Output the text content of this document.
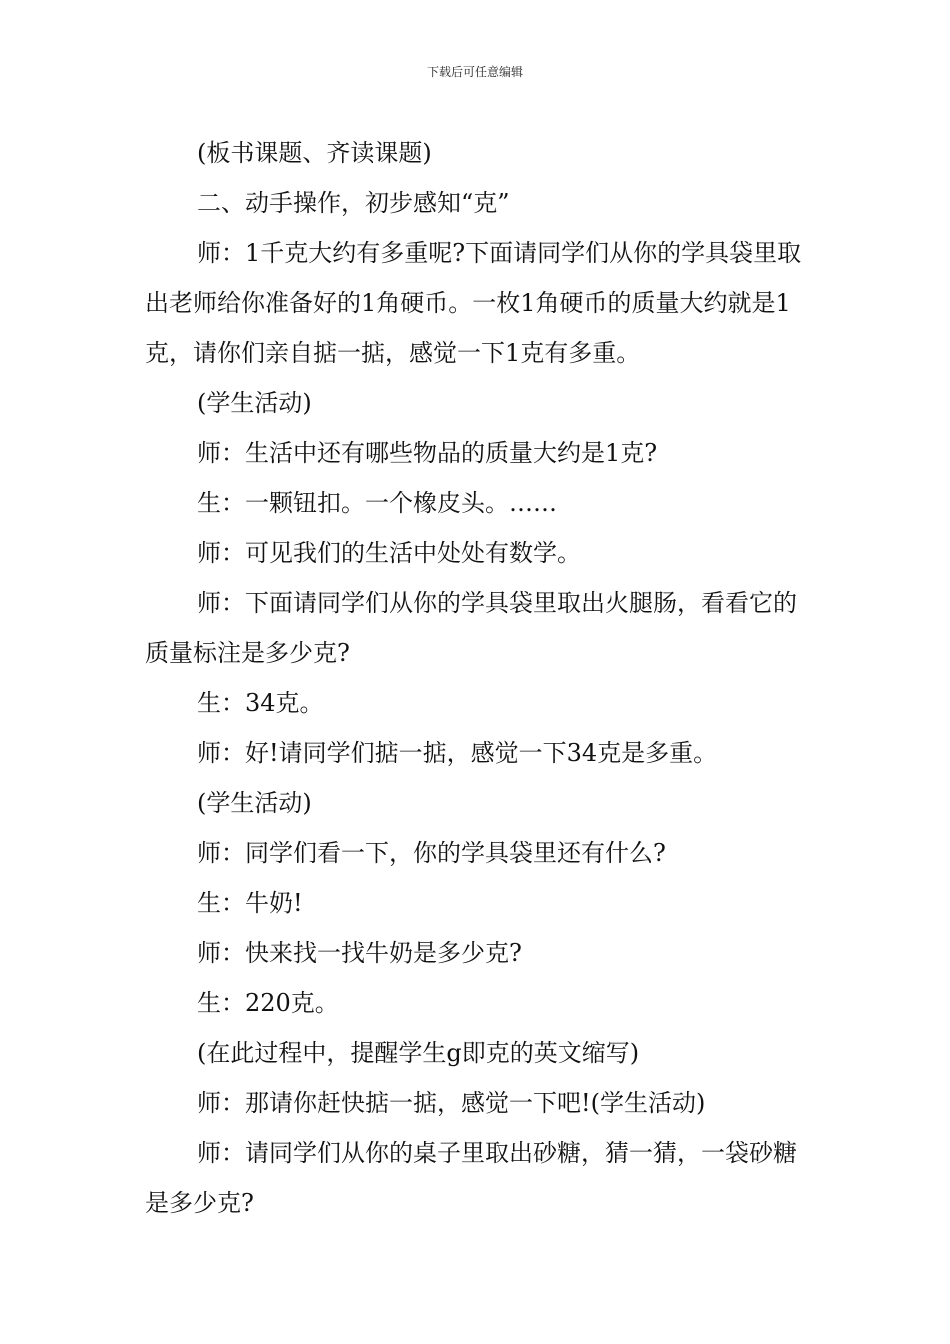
下载后可任意编辑

(板书课题、齐读课题)

二、动手操作，初步感知“克”

师：1千克大约有多重呢?下面请同学们从你的学具袋里取出老师给你准备好的1角硬币。一枚1角硬币的质量大约就是1克，请你们亲自掂一掂，感觉一下1克有多重。

(学生活动)

师：生活中还有哪些物品的质量大约是1克?

生：一颗钮扣。一个橡皮头。……

师：可见我们的生活中处处有数学。

师：下面请同学们从你的学具袋里取出火腿肠，看看它的质量标注是多少克?

生：34克。

师：好!请同学们掂一掂，感觉一下34克是多重。

(学生活动)

师：同学们看一下，你的学具袋里还有什么?

生：牛奶!

师：快来找一找牛奶是多少克?

生：220克。

(在此过程中，提醒学生g即克的英文缩写)

师：那请你赶快掂一掂，感觉一下吧!(学生活动)

师：请同学们从你的桌子里取出砂糖，猜一猜，一袋砂糖是多少克?
